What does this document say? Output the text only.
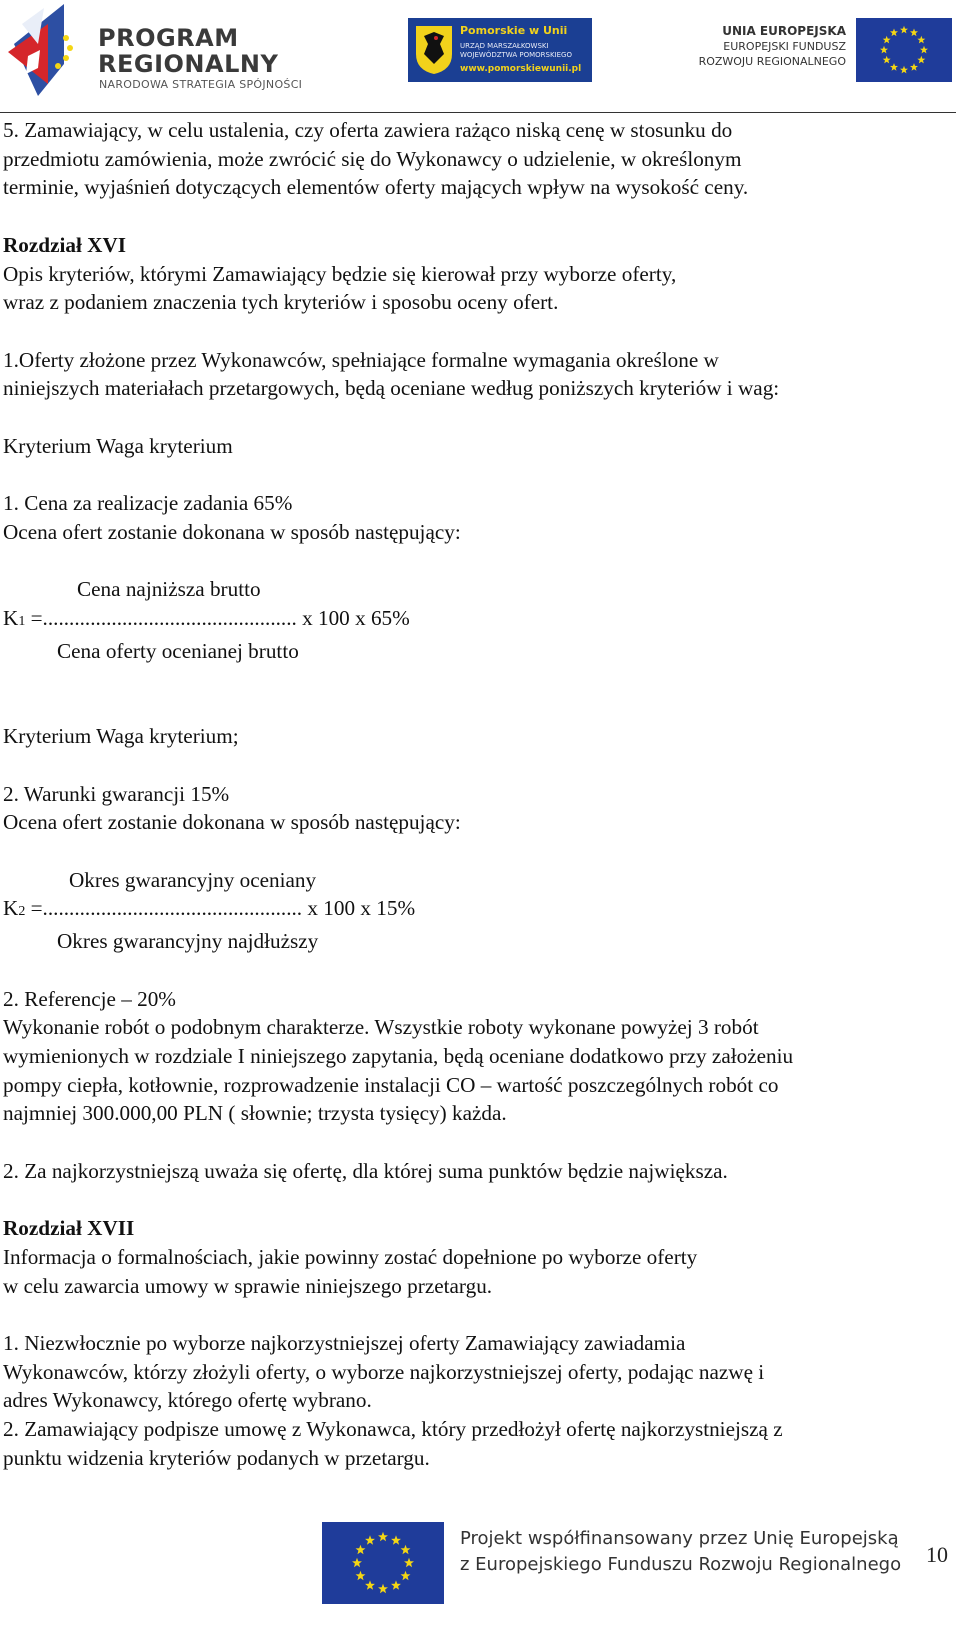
PROGRAM
REGIONALNY
NARODOWA STRATEGIA SPÓJNOŚCI
Pomorskie w Unii
URZĄD MARSZAŁKOWSKI
WOJEWÓDZTWA POMORSKIEGO
www.pomorskiewunii.pl
UNIA EUROPEJSKA
EUROPEJSKI FUNDUSZ
ROZWOJU REGIONALNEGO

5. Zamawiający, w celu ustalenia, czy oferta zawiera rażąco niską cenę w stosunku do

przedmiotu zamówienia, może zwrócić się do Wykonawcy o udzielenie, w określonym

terminie, wyjaśnień dotyczących elementów oferty mających wpływ na wysokość ceny.

Rozdział XVI

Opis kryteriów, którymi Zamawiający będzie się kierował przy wyborze oferty,

wraz z podaniem znaczenia tych kryteriów i sposobu oceny ofert.

1.Oferty złożone przez Wykonawców, spełniające formalne wymagania określone w

niniejszych materiałach przetargowych, będą oceniane według poniższych kryteriów i wag:

Kryterium Waga kryterium

1. Cena za realizacje zadania 65%

Ocena ofert zostanie dokonana w sposób następujący:

Cena najniższa brutto

K1 =................................................ x 100 x 65%

Cena oferty ocenianej brutto

Kryterium Waga kryterium;

2. Warunki gwarancji 15%

Ocena ofert zostanie dokonana w sposób następujący:

Okres gwarancyjny oceniany

K2 =................................................. x 100 x 15%

Okres gwarancyjny najdłuższy

2. Referencje – 20%

Wykonanie robót o podobnym charakterze. Wszystkie roboty wykonane powyżej 3 robót

wymienionych w rozdziale I niniejszego zapytania, będą oceniane dodatkowo przy założeniu

pompy ciepła, kotłownie, rozprowadzenie instalacji CO – wartość poszczególnych robót co

najmniej 300.000,00 PLN ( słownie; trzysta tysięcy) każda.

2. Za najkorzystniejszą uważa się ofertę, dla której suma punktów będzie największa.

Rozdział XVII

Informacja o formalnościach, jakie powinny zostać dopełnione po wyborze oferty

w celu zawarcia umowy w sprawie niniejszego przetargu.

1. Niezwłocznie po wyborze najkorzystniejszej oferty Zamawiający zawiadamia

Wykonawców, którzy złożyli oferty, o wyborze najkorzystniejszej oferty, podając nazwę i

adres Wykonawcy, którego ofertę wybrano.

2. Zamawiający podpisze umowę z Wykonawca, który przedłożył ofertę najkorzystniejszą z

punktu widzenia kryteriów podanych w przetargu.

Projekt współfinansowany przez Unię Europejską
z Europejskiego Funduszu Rozwoju Regionalnego 10
